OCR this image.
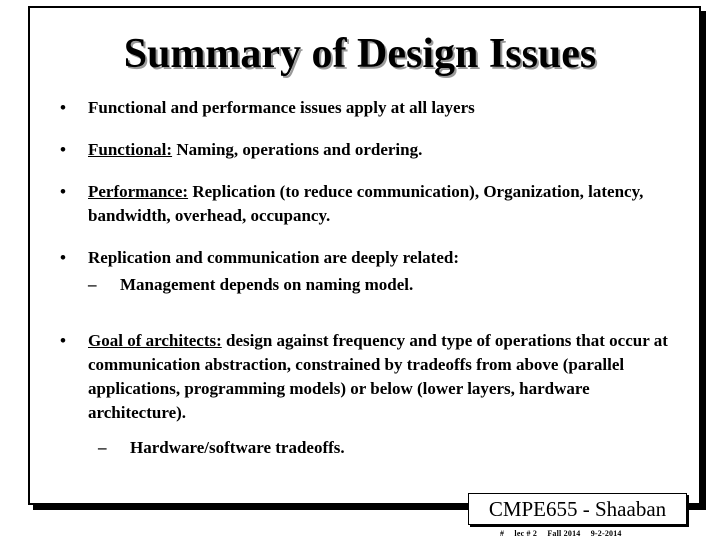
Summary of Design Issues
• Functional and performance issues apply at all layers
• Functional: Naming, operations and ordering.
• Performance: Replication (to reduce communication), Organization, latency, bandwidth, overhead, occupancy.
• Replication and communication are deeply related:
– Management depends on naming model.
• Goal of architects: design against frequency and type of operations that occur at communication abstraction, constrained by tradeoffs from above (parallel applications, programming models) or below (lower layers, hardware architecture).
– Hardware/software tradeoffs.
CMPE655 - Shaaban
# lec # 2 Fall 2014 9-2-2014
